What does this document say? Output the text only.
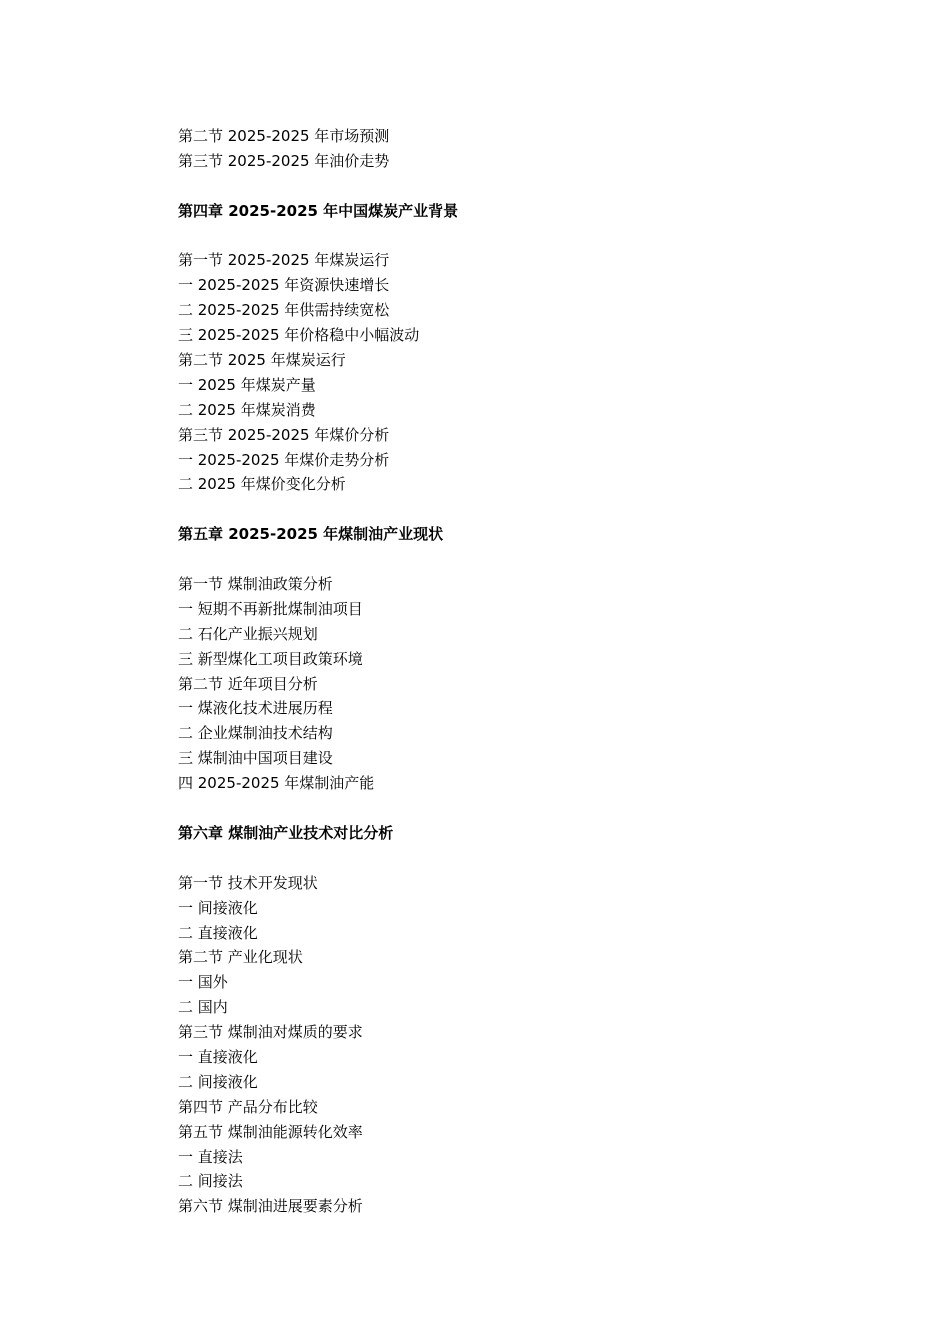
第二节 2025-2025 年市场预测
第三节 2025-2025 年油价走势
第四章 2025-2025 年中国煤炭产业背景
第一节 2025-2025 年煤炭运行
一 2025-2025 年资源快速增长
二 2025-2025 年供需持续宽松
三 2025-2025 年价格稳中小幅波动
第二节 2025 年煤炭运行
一 2025 年煤炭产量
二 2025 年煤炭消费
第三节 2025-2025 年煤价分析
一 2025-2025 年煤价走势分析
二 2025 年煤价变化分析
第五章 2025-2025 年煤制油产业现状
第一节 煤制油政策分析
一 短期不再新批煤制油项目
二 石化产业振兴规划
三 新型煤化工项目政策环境
第二节 近年项目分析
一 煤液化技术进展历程
二 企业煤制油技术结构
三 煤制油中国项目建设
四 2025-2025 年煤制油产能
第六章 煤制油产业技术对比分析
第一节 技术开发现状
一 间接液化
二 直接液化
第二节 产业化现状
一 国外
二 国内
第三节 煤制油对煤质的要求
一 直接液化
二 间接液化
第四节 产品分布比较
第五节 煤制油能源转化效率
一 直接法
二 间接法
第六节 煤制油进展要素分析
